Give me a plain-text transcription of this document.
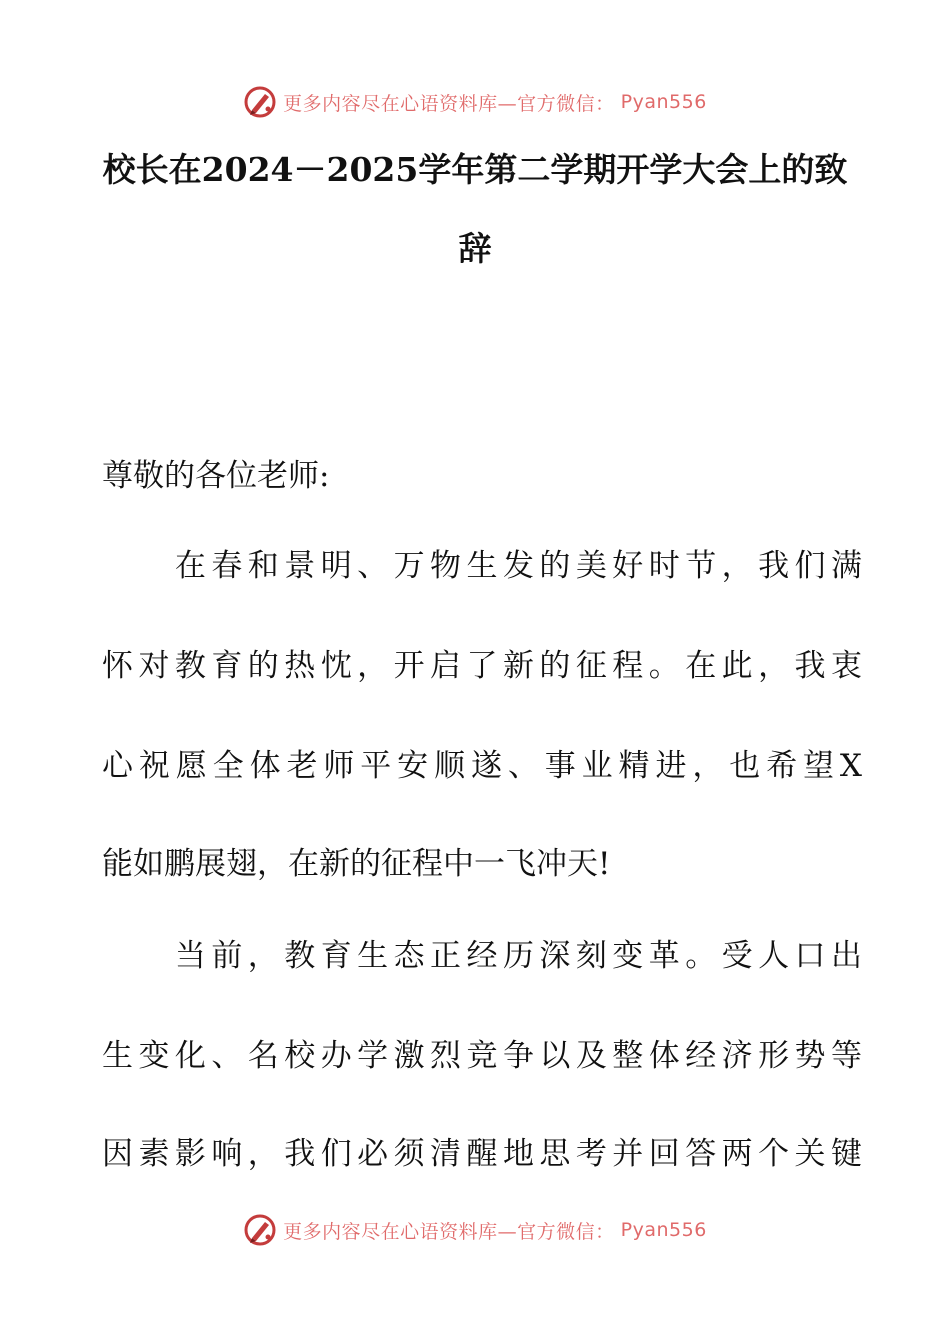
更多内容尽在心语资料库—官方微信： Pyan556
校长在2024－2025学年第二学期开学大会上的致
辞
尊敬的各位老师:
　　在春和景明、万物生发的美好时节，我们满
怀对教育的热忱，开启了新的征程。在此，我衷
心祝愿全体老师平安顺遂、事业精进，也希望X
能如鹏展翅，在新的征程中一飞冲天!
　　当前，教育生态正经历深刻变革。受人口出
生变化、名校办学激烈竞争以及整体经济形势等
因素影响，我们必须清醒地思考并回答两个关键
更多内容尽在心语资料库—官方微信： Pyan556
